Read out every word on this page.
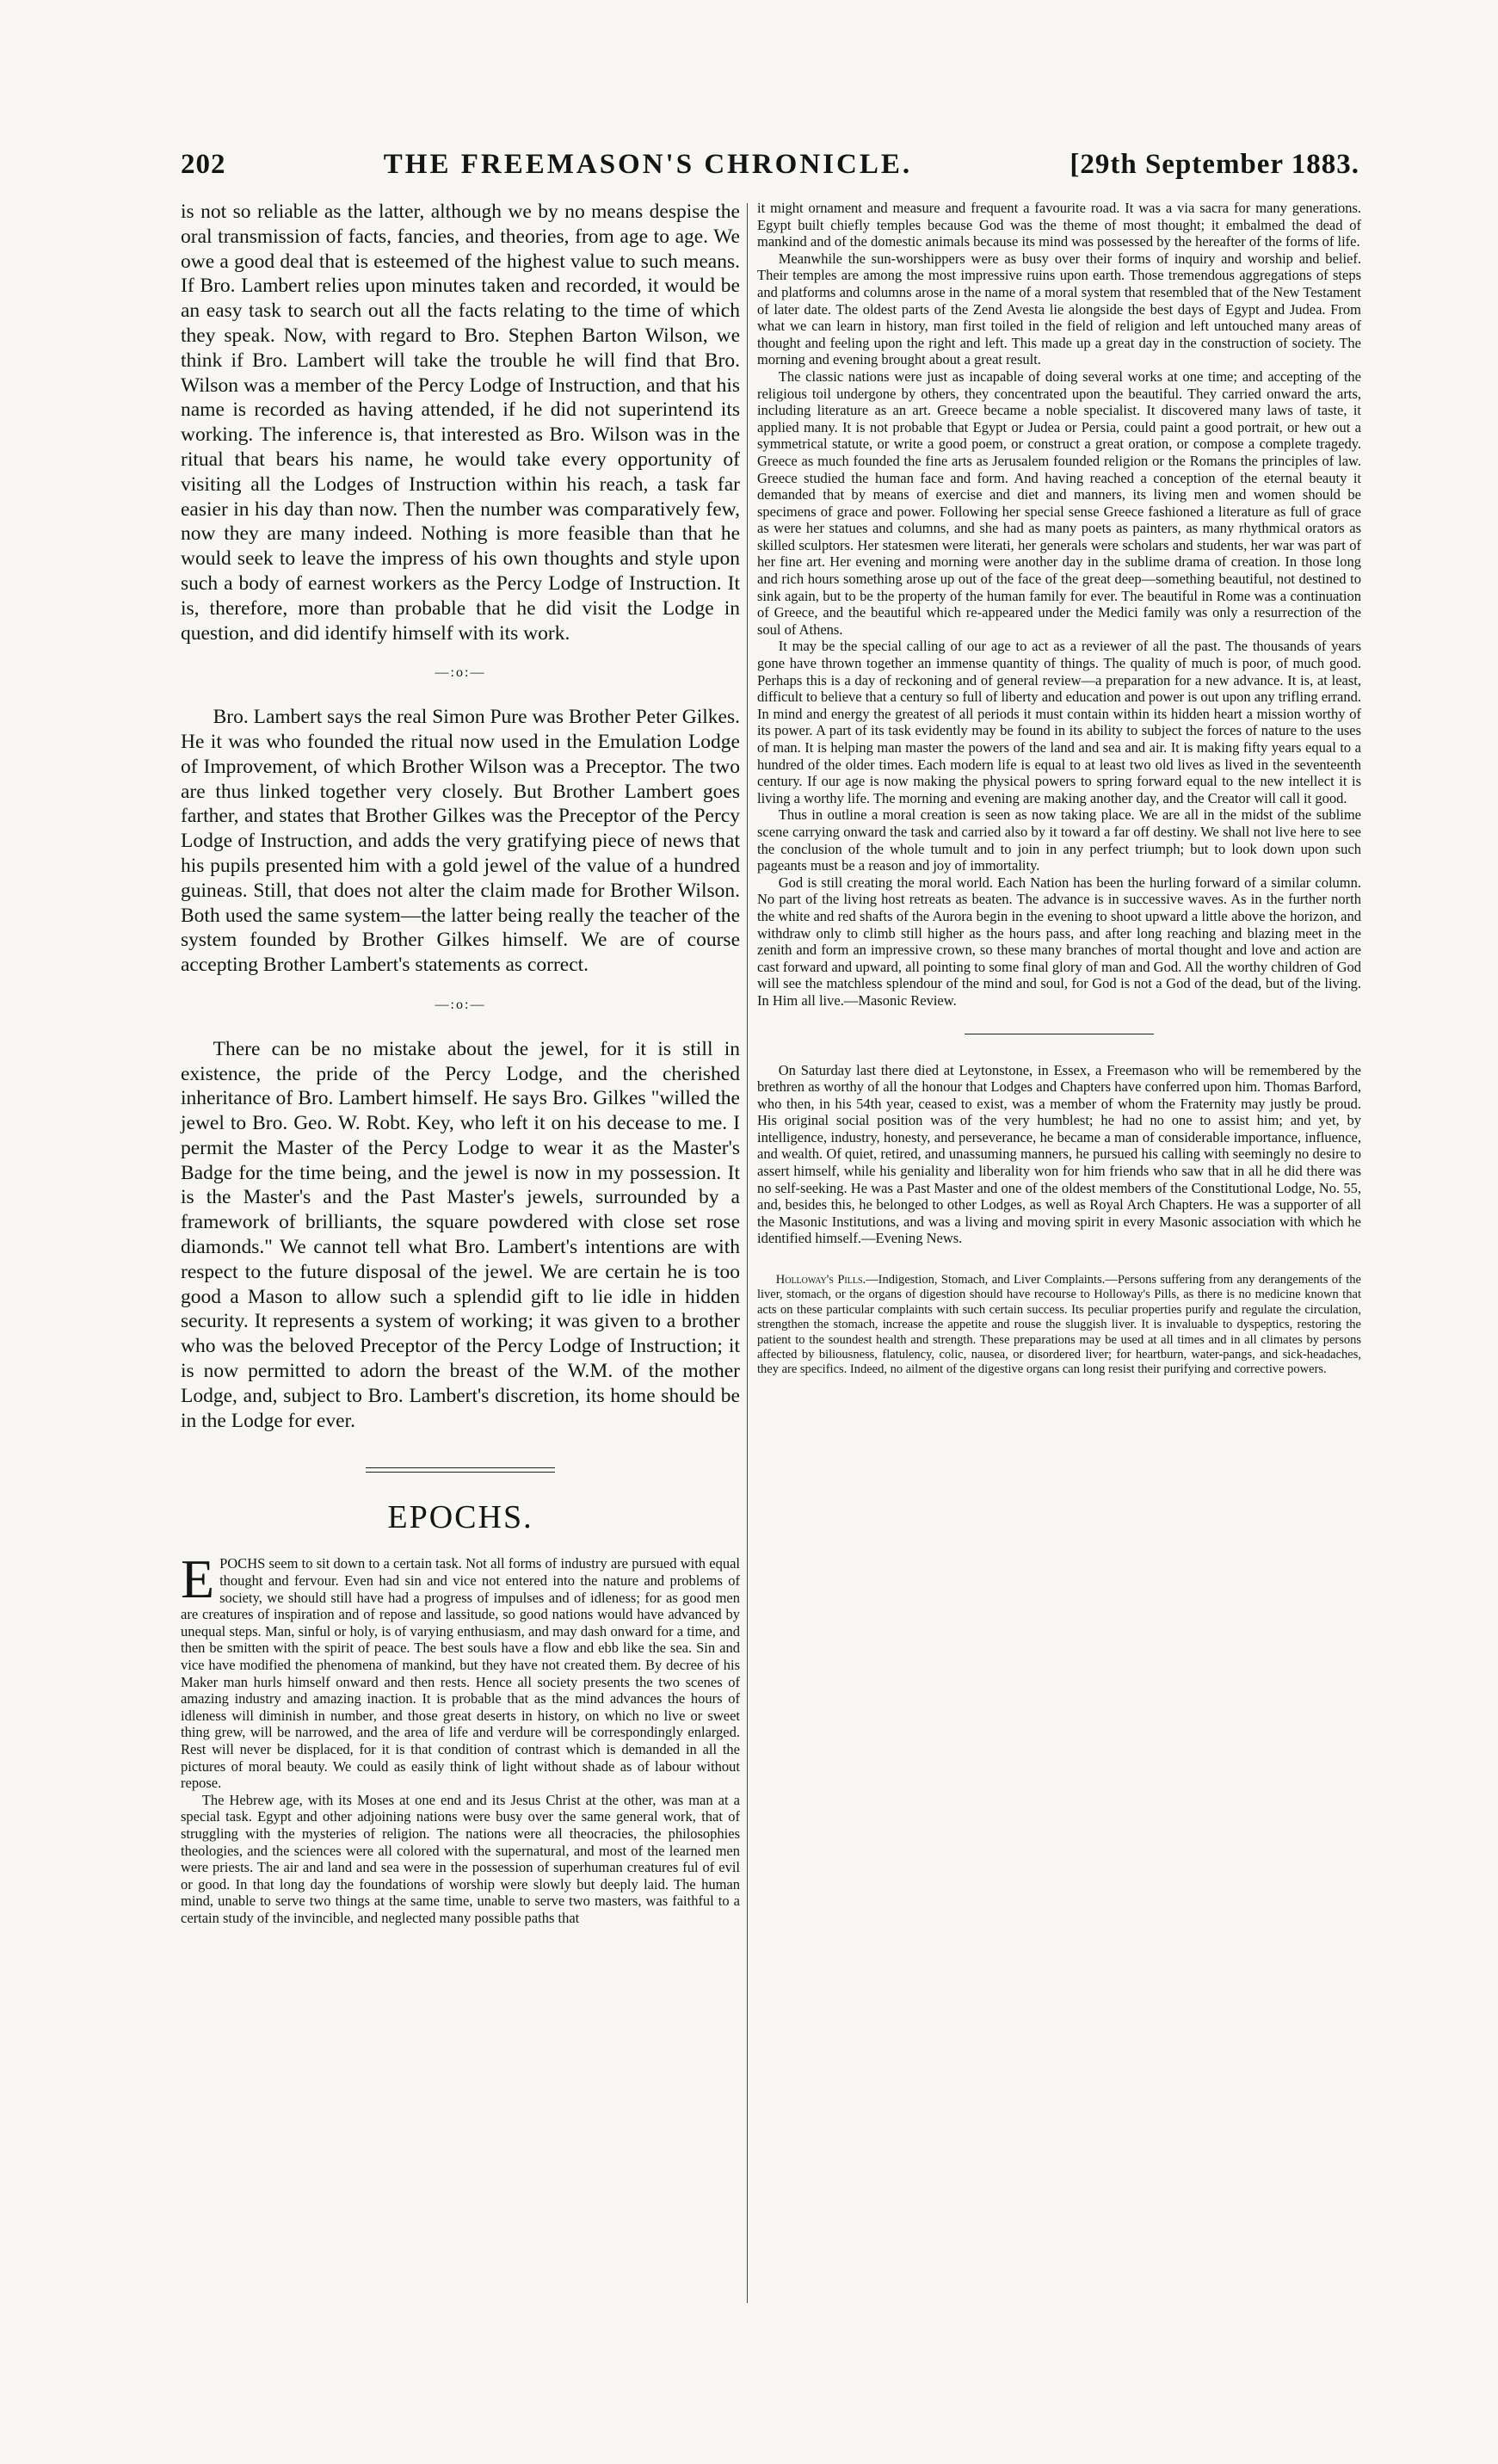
202	THE FREEMASON'S CHRONICLE.	[29th September 1883.

is not so reliable as the latter, although we by no means despise the oral transmission of facts, fancies, and theories, from age to age. We owe a good deal that is esteemed of the highest value to such means. If Bro. Lambert relies upon minutes taken and recorded, it would be an easy task to search out all the facts relating to the time of which they speak. Now, with regard to Bro. Stephen Barton Wilson, we think if Bro. Lambert will take the trouble he will find that Bro. Wilson was a member of the Percy Lodge of Instruction, and that his name is recorded as having attended, if he did not superintend its working. The inference is, that interested as Bro. Wilson was in the ritual that bears his name, he would take every opportunity of visiting all the Lodges of Instruction within his reach, a task far easier in his day than now. Then the number was comparatively few, now they are many indeed. Nothing is more feasible than that he would seek to leave the impress of his own thoughts and style upon such a body of earnest workers as the Percy Lodge of Instruction. It is, therefore, more than probable that he did visit the Lodge in question, and did identify himself with its work.

—:o:—

Bro. Lambert says the real Simon Pure was Brother Peter Gilkes. He it was who founded the ritual now used in the Emulation Lodge of Improvement, of which Brother Wilson was a Preceptor. The two are thus linked together very closely. But Brother Lambert goes farther, and states that Brother Gilkes was the Preceptor of the Percy Lodge of Instruction, and adds the very gratifying piece of news that his pupils presented him with a gold jewel of the value of a hundred guineas. Still, that does not alter the claim made for Brother Wilson. Both used the same system—the latter being really the teacher of the system founded by Brother Gilkes himself. We are of course accepting Brother Lambert's statements as correct.

—:o:—

There can be no mistake about the jewel, for it is still in existence, the pride of the Percy Lodge, and the cherished inheritance of Bro. Lambert himself. He says Bro. Gilkes "willed the jewel to Bro. Geo. W. Robt. Key, who left it on his decease to me. I permit the Master of the Percy Lodge to wear it as the Master's Badge for the time being, and the jewel is now in my possession. It is the Master's and the Past Master's jewels, surrounded by a framework of brilliants, the square powdered with close set rose diamonds." We cannot tell what Bro. Lambert's intentions are with respect to the future disposal of the jewel. We are certain he is too good a Mason to allow such a splendid gift to lie idle in hidden security. It represents a system of working; it was given to a brother who was the beloved Preceptor of the Percy Lodge of Instruction; it is now permitted to adorn the breast of the W.M. of the mother Lodge, and, subject to Bro. Lambert's discretion, its home should be in the Lodge for ever.

EPOCHS.

EPOCHS seem to sit down to a certain task. Not all forms of industry are pursued with equal thought and fervour. Even had sin and vice not entered into the nature and problems of society, we should still have had a progress of impulses and of idleness; for as good men are creatures of inspiration and of repose and lassitude, so good nations would have advanced by unequal steps. Man, sinful or holy, is of varying enthusiasm, and may dash onward for a time, and then be smitten with the spirit of peace. The best souls have a flow and ebb like the sea. Sin and vice have modified the phenomena of mankind, but they have not created them. By decree of his Maker man hurls himself onward and then rests. Hence all society presents the two scenes of amazing industry and amazing inaction. It is probable that as the mind advances the hours of idleness will diminish in number, and those great deserts in history, on which no live or sweet thing grew, will be narrowed, and the area of life and verdure will be correspondingly enlarged. Rest will never be displaced, for it is that condition of contrast which is demanded in all the pictures of moral beauty. We could as easily think of light without shade as of labour without repose.

The Hebrew age, with its Moses at one end and its Jesus Christ at the other, was man at a special task. Egypt and other adjoining nations were busy over the same general work, that of struggling with the mysteries of religion. The nations were all theocracies, the philosophies theologies, and the sciences were all colored with the supernatural, and most of the learned men were priests. The air and land and sea were in the possession of superhuman creatures ful of evil or good. In that long day the foundations of worship were slowly but deeply laid. The human mind, unable to serve two things at the same time, unable to serve two masters, was faithful to a certain study of the invincible, and neglected many possible paths that

it might ornament and measure and frequent a favourite road. It was a via sacra for many generations. Egypt built chiefly temples because God was the theme of most thought; it embalmed the dead of mankind and of the domestic animals because its mind was possessed by the hereafter of the forms of life.

Meanwhile the sun-worshippers were as busy over their forms of inquiry and worship and belief. Their temples are among the most impressive ruins upon earth. Those tremendous aggregations of steps and platforms and columns arose in the name of a moral system that resembled that of the New Testament of later date. The oldest parts of the Zend Avesta lie alongside the best days of Egypt and Judea. From what we can learn in history, man first toiled in the field of religion and left untouched many areas of thought and feeling upon the right and left. This made up a great day in the construction of society. The morning and evening brought about a great result.

The classic nations were just as incapable of doing several works at one time; and accepting of the religious toil undergone by others, they concentrated upon the beautiful. They carried onward the arts, including literature as an art. Greece became a noble specialist. It discovered many laws of taste, it applied many. It is not probable that Egypt or Judea or Persia, could paint a good portrait, or hew out a symmetrical statute, or write a good poem, or construct a great oration, or compose a complete tragedy. Greece as much founded the fine arts as Jerusalem founded religion or the Romans the principles of law. Greece studied the human face and form. And having reached a conception of the eternal beauty it demanded that by means of exercise and diet and manners, its living men and women should be specimens of grace and power. Following her special sense Greece fashioned a literature as full of grace as were her statues and columns, and she had as many poets as painters, as many rhythmical orators as skilled sculptors. Her statesmen were literati, her generals were scholars and students, her war was part of her fine art. Her evening and morning were another day in the sublime drama of creation. In those long and rich hours something arose up out of the face of the great deep—something beautiful, not destined to sink again, but to be the property of the human family for ever. The beautiful in Rome was a continuation of Greece, and the beautiful which re-appeared under the Medici family was only a resurrection of the soul of Athens.

It may be the special calling of our age to act as a reviewer of all the past. The thousands of years gone have thrown together an immense quantity of things. The quality of much is poor, of much good. Perhaps this is a day of reckoning and of general review—a preparation for a new advance. It is, at least, difficult to believe that a century so full of liberty and education and power is out upon any trifling errand. In mind and energy the greatest of all periods it must contain within its hidden heart a mission worthy of its power. A part of its task evidently may be found in its ability to subject the forces of nature to the uses of man. It is helping man master the powers of the land and sea and air. It is making fifty years equal to a hundred of the older times. Each modern life is equal to at least two old lives as lived in the seventeenth century. If our age is now making the physical powers to spring forward equal to the new intellect it is living a worthy life. The morning and evening are making another day, and the Creator will call it good.

Thus in outline a moral creation is seen as now taking place. We are all in the midst of the sublime scene carrying onward the task and carried also by it toward a far off destiny. We shall not live here to see the conclusion of the whole tumult and to join in any perfect triumph; but to look down upon such pageants must be a reason and joy of immortality.

God is still creating the moral world. Each Nation has been the hurling forward of a similar column. No part of the living host retreats as beaten. The advance is in successive waves. As in the further north the white and red shafts of the Aurora begin in the evening to shoot upward a little above the horizon, and withdraw only to climb still higher as the hours pass, and after long reaching and blazing meet in the zenith and form an impressive crown, so these many branches of mortal thought and love and action are cast forward and upward, all pointing to some final glory of man and God. All the worthy children of God will see the matchless splendour of the mind and soul, for God is not a God of the dead, but of the living. In Him all live.—Masonic Review.

On Saturday last there died at Leytonstone, in Essex, a Freemason who will be remembered by the brethren as worthy of all the honour that Lodges and Chapters have conferred upon him. Thomas Barford, who then, in his 54th year, ceased to exist, was a member of whom the Fraternity may justly be proud. His original social position was of the very humblest; he had no one to assist him; and yet, by intelligence, industry, honesty, and perseverance, he became a man of considerable importance, influence, and wealth. Of quiet, retired, and unassuming manners, he pursued his calling with seemingly no desire to assert himself, while his geniality and liberality won for him friends who saw that in all he did there was no self-seeking. He was a Past Master and one of the oldest members of the Constitutional Lodge, No. 55, and, besides this, he belonged to other Lodges, as well as Royal Arch Chapters. He was a supporter of all the Masonic Institutions, and was a living and moving spirit in every Masonic association with which he identified himself.—Evening News.

Holloway's Pills.—Indigestion, Stomach, and Liver Complaints.—Persons suffering from any derangements of the liver, stomach, or the organs of digestion should have recourse to Holloway's Pills, as there is no medicine known that acts on these particular complaints with such certain success. Its peculiar properties purify and regulate the circulation, strengthen the stomach, increase the appetite and rouse the sluggish liver. It is invaluable to dyspeptics, restoring the patient to the soundest health and strength. These preparations may be used at all times and in all climates by persons affected by biliousness, flatulency, colic, nausea, or disordered liver; for heartburn, water-pangs, and sick-headaches, they are specifics. Indeed, no ailment of the digestive organs can long resist their purifying and corrective powers.
